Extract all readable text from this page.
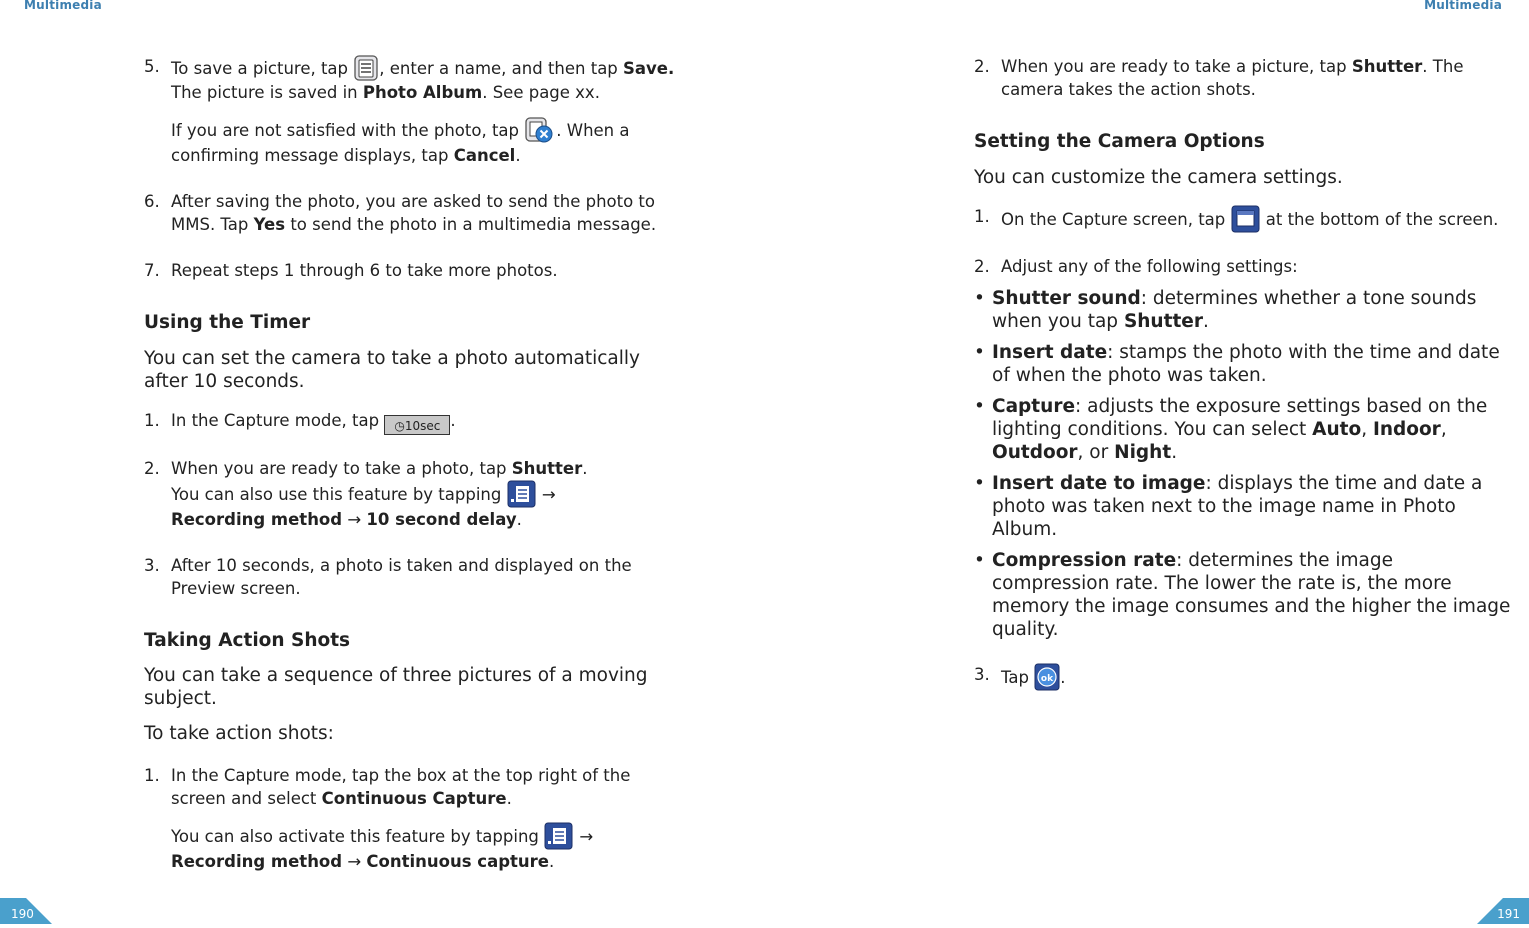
Multimedia	Multimedia
190	191
5. To save a picture, tap
, enter a name, and then tap Save. The picture is saved in Photo Album. See page xx.
If you are not satisfied with the photo, tap
. When a confirming message displays, tap Cancel.
6. After saving the photo, you are asked to send the photo to MMS. Tap Yes to send the photo in a multimedia message.
7. Repeat steps 1 through 6 to take more photos.
Using the Timer
You can set the camera to take a photo automatically after 10 seconds.
1. In the Capture mode, tap ◷10sec .
2. When you are ready to take a photo, tap Shutter.
You can also use this feature by tapping
→
Recording method → 10 second delay.
3. After 10 seconds, a photo is taken and displayed on the Preview screen.
Taking Action Shots
You can take a sequence of three pictures of a moving subject.
To take action shots:
1. In the Capture mode, tap the box at the top right of the screen and select Continuous Capture.
You can also activate this feature by tapping
→
Recording method → Continuous capture.
2. When you are ready to take a picture, tap Shutter. The camera takes the action shots.
Setting the Camera Options
You can customize the camera settings.
1. On the Capture screen, tap
at the bottom of the screen.
2. Adjust any of the following settings:
• Shutter sound: determines whether a tone sounds when you tap Shutter.
• Insert date: stamps the photo with the time and date of when the photo was taken.
• Capture: adjusts the exposure settings based on the lighting conditions. You can select Auto, Indoor, Outdoor, or Night.
• Insert date to image: displays the time and date a photo was taken next to the image name in Photo Album.
• Compression rate: determines the image compression rate. The lower the rate is, the more memory the image consumes and the higher the image quality.
3. Tap ok .
